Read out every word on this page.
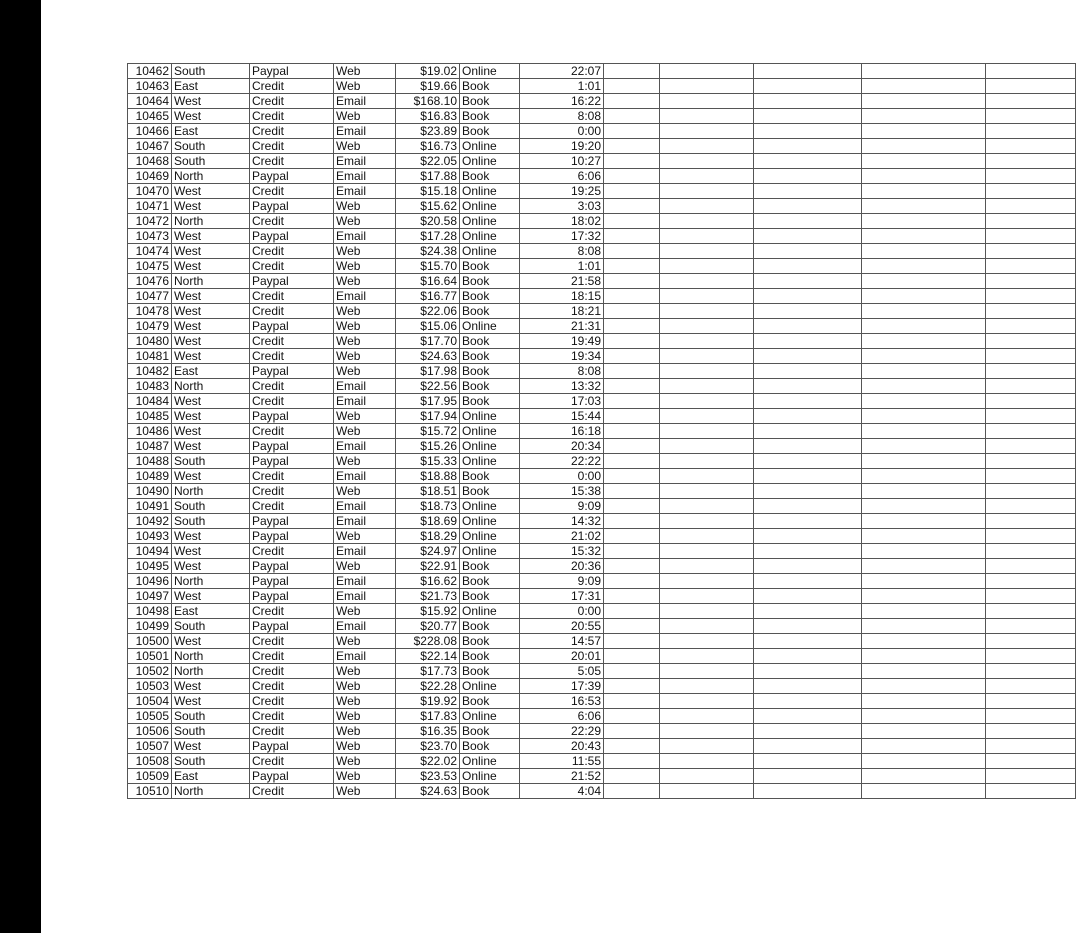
10462	South	Paypal	Web	$19.02	Online	22:07					
10463	East	Credit	Web	$19.66	Book	1:01					
10464	West	Credit	Email	$168.10	Book	16:22					
10465	West	Credit	Web	$16.83	Book	8:08					
10466	East	Credit	Email	$23.89	Book	0:00					
10467	South	Credit	Web	$16.73	Online	19:20					
10468	South	Credit	Email	$22.05	Online	10:27					
10469	North	Paypal	Email	$17.88	Book	6:06					
10470	West	Credit	Email	$15.18	Online	19:25					
10471	West	Paypal	Web	$15.62	Online	3:03					
10472	North	Credit	Web	$20.58	Online	18:02					
10473	West	Paypal	Email	$17.28	Online	17:32					
10474	West	Credit	Web	$24.38	Online	8:08					
10475	West	Credit	Web	$15.70	Book	1:01					
10476	North	Paypal	Web	$16.64	Book	21:58					
10477	West	Credit	Email	$16.77	Book	18:15					
10478	West	Credit	Web	$22.06	Book	18:21					
10479	West	Paypal	Web	$15.06	Online	21:31					
10480	West	Credit	Web	$17.70	Book	19:49					
10481	West	Credit	Web	$24.63	Book	19:34					
10482	East	Paypal	Web	$17.98	Book	8:08					
10483	North	Credit	Email	$22.56	Book	13:32					
10484	West	Credit	Email	$17.95	Book	17:03					
10485	West	Paypal	Web	$17.94	Online	15:44					
10486	West	Credit	Web	$15.72	Online	16:18					
10487	West	Paypal	Email	$15.26	Online	20:34					
10488	South	Paypal	Web	$15.33	Online	22:22					
10489	West	Credit	Email	$18.88	Book	0:00					
10490	North	Credit	Web	$18.51	Book	15:38					
10491	South	Credit	Email	$18.73	Online	9:09					
10492	South	Paypal	Email	$18.69	Online	14:32					
10493	West	Paypal	Web	$18.29	Online	21:02					
10494	West	Credit	Email	$24.97	Online	15:32					
10495	West	Paypal	Web	$22.91	Book	20:36					
10496	North	Paypal	Email	$16.62	Book	9:09					
10497	West	Paypal	Email	$21.73	Book	17:31					
10498	East	Credit	Web	$15.92	Online	0:00					
10499	South	Paypal	Email	$20.77	Book	20:55					
10500	West	Credit	Web	$228.08	Book	14:57					
10501	North	Credit	Email	$22.14	Book	20:01					
10502	North	Credit	Web	$17.73	Book	5:05					
10503	West	Credit	Web	$22.28	Online	17:39					
10504	West	Credit	Web	$19.92	Book	16:53					
10505	South	Credit	Web	$17.83	Online	6:06					
10506	South	Credit	Web	$16.35	Book	22:29					
10507	West	Paypal	Web	$23.70	Book	20:43					
10508	South	Credit	Web	$22.02	Online	11:55					
10509	East	Paypal	Web	$23.53	Online	21:52					
10510	North	Credit	Web	$24.63	Book	4:04					
